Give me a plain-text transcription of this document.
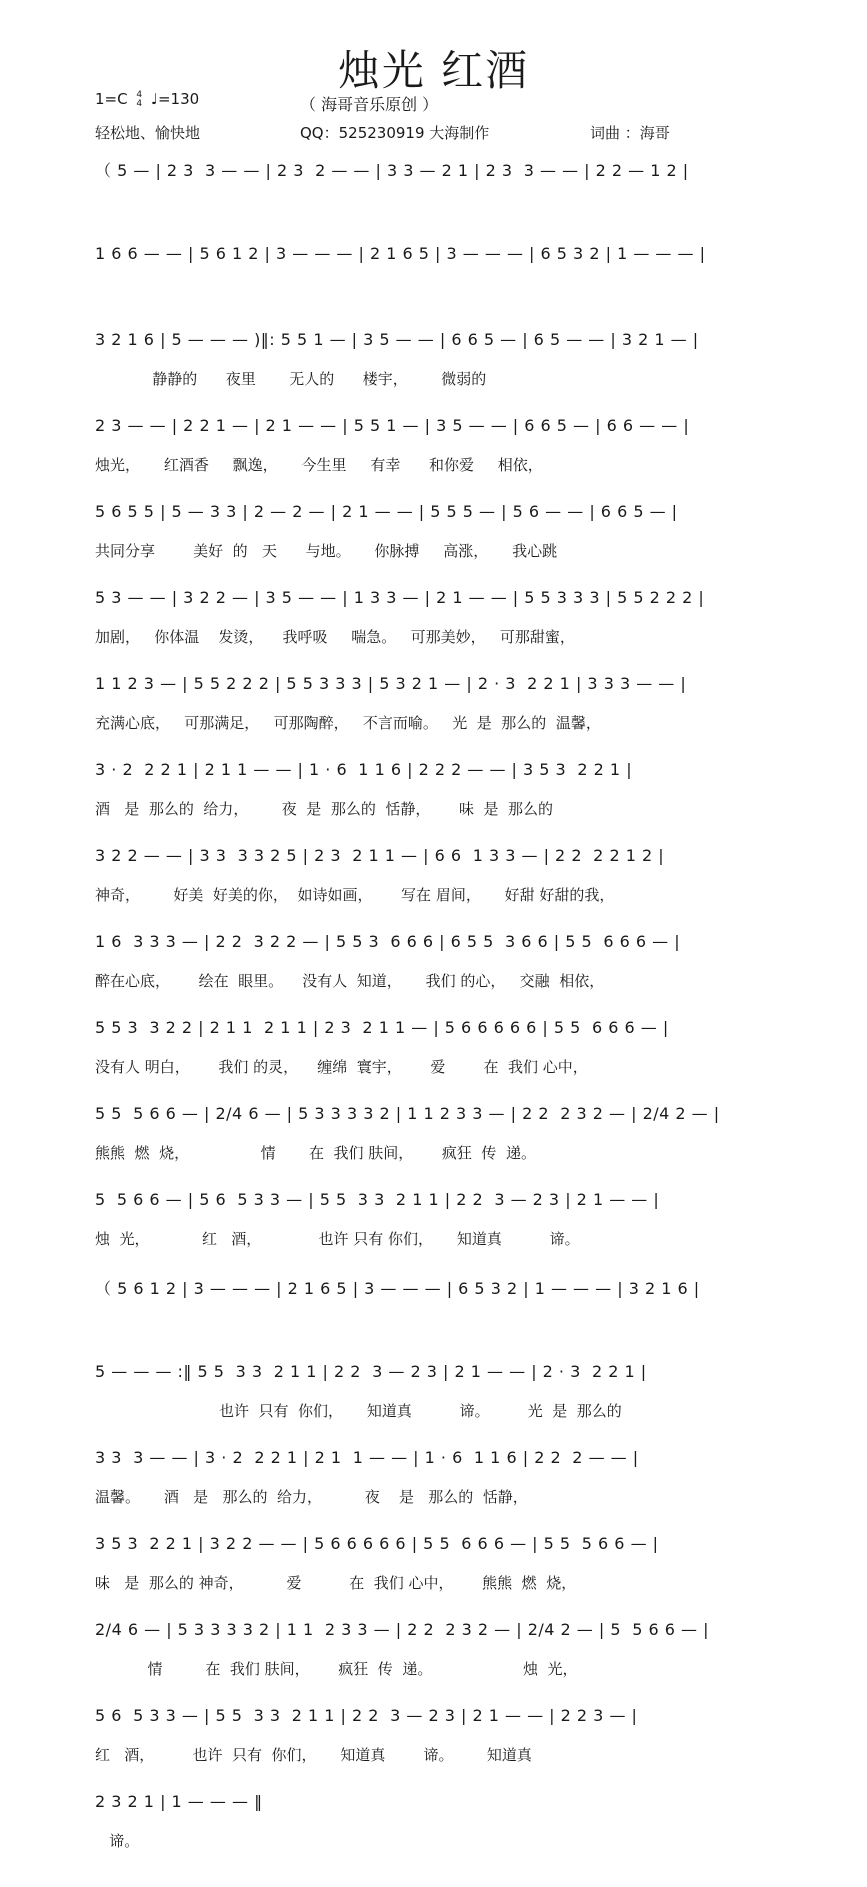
烛光 红酒
1=C 4
4 ♩=130	（ 海哥音乐原创 ）
轻松地、愉快地	QQ：525230919 大海制作	词曲 ：海哥
（ 5 — | 2 3  3 — — | 2 3  2 — — | 3 3 — 2 1 | 2 3  3 — — | 2 2 — 1 2 |
1 6 6 — — | 5 6 1 2 | 3 — — — | 2 1 6 5 | 3 — — — | 6 5 3 2 | 1 — — — |
3 2 1 6 | 5 — — — )‖: 5 5 1 — | 3 5 — — | 6 6 5 — | 6 5 — — | 3 2 1 — |
静静的      夜里       无人的      楼宇，       微弱的
2 3 — — | 2 2 1 — | 2 1 — — | 5 5 1 — | 3 5 — — | 6 6 5 — | 6 6 — — |
烛光，     红酒香     飘逸，     今生里     有幸      和你爱     相依，
5 6 5 5 | 5 — 3 3 | 2 — 2 — | 2 1 — — | 5 5 5 — | 5 6 — — | 6 6 5 — |
共同分享        美好  的   天      与地。     你脉搏     高涨，     我心跳
5 3 — — | 3 2 2 — | 3 5 — — | 1 3 3 — | 2 1 — — | 5 5 3 3 3 | 5 5 2 2 2 |
加剧，   你体温    发烫，    我呼吸     喘急。   可那美妙，   可那甜蜜，
1 1 2 3 — | 5 5 2 2 2 | 5 5 3 3 3 | 5 3 2 1 — | 2 · 3  2 2 1 | 3 3 3 — — |
充满心底，   可那满足，   可那陶醉，   不言而喻。   光  是  那么的  温馨，
3 · 2  2 2 1 | 2 1 1 — — | 1 · 6  1 1 6 | 2 2 2 — — | 3 5 3  2 2 1 |
酒   是  那么的  给力，       夜  是  那么的  恬静，      味  是  那么的
3 2 2 — — | 3 3  3 3 2 5 | 2 3  2 1 1 — | 6 6  1 3 3 — | 2 2  2 2 1 2 |
神奇，       好美  好美的你，  如诗如画，      写在 眉间，     好甜 好甜的我，
1 6  3 3 3 — | 2 2  3 2 2 — | 5 5 3  6 6 6 | 6 5 5  3 6 6 | 5 5  6 6 6 — |
醉在心底，      绘在  眼里。    没有人  知道，     我们 的心，   交融  相依，
5 5 3  3 2 2 | 2 1 1  2 1 1 | 2 3  2 1 1 — | 5 6 6 6 6 6 | 5 5  6 6 6 — |
没有人 明白，      我们 的灵，    缠绵  寰宇，      爱        在  我们 心中，
5 5  5 6 6 — | 2/4 6 — | 5 3 3 3 3 2 | 1 1 2 3 3 — | 2 2  2 3 2 — | 2/4 2 — |
熊熊  燃  烧，               情       在  我们 肤间，      疯狂  传  递。
5  5 6 6 — | 5 6  5 3 3 — | 5 5  3 3  2 1 1 | 2 2  3 — 2 3 | 2 1 — — |
烛  光，           红   酒，            也许 只有 你们，     知道真          谛。
（ 5 6 1 2 | 3 — — — | 2 1 6 5 | 3 — — — | 6 5 3 2 | 1 — — — | 3 2 1 6 |
5 — — — :‖ 5 5  3 3  2 1 1 | 2 2  3 — 2 3 | 2 1 — — | 2 · 3  2 2 1 |
也许  只有  你们，     知道真          谛。        光  是  那么的
3 3  3 — — | 3 · 2  2 2 1 | 2 1  1 — — | 1 · 6  1 1 6 | 2 2  2 — — |
温馨。     酒   是   那么的  给力，         夜    是   那么的  恬静，
3 5 3  2 2 1 | 3 2 2 — — | 5 6 6 6 6 6 | 5 5  6 6 6 — | 5 5  5 6 6 — |
味   是  那么的 神奇，         爱          在  我们 心中，      熊熊  燃  烧，
2/4 6 — | 5 3 3 3 3 2 | 1 1  2 3 3 — | 2 2  2 3 2 — | 2/4 2 — | 5  5 6 6 — |
情         在  我们 肤间，      疯狂  传  递。                   烛  光，
5 6  5 3 3 — | 5 5  3 3  2 1 1 | 2 2  3 — 2 3 | 2 1 — — | 2 2 3 — |
红   酒，        也许  只有  你们，     知道真        谛。       知道真
2 3 2 1 | 1 — — — ‖
谛。
